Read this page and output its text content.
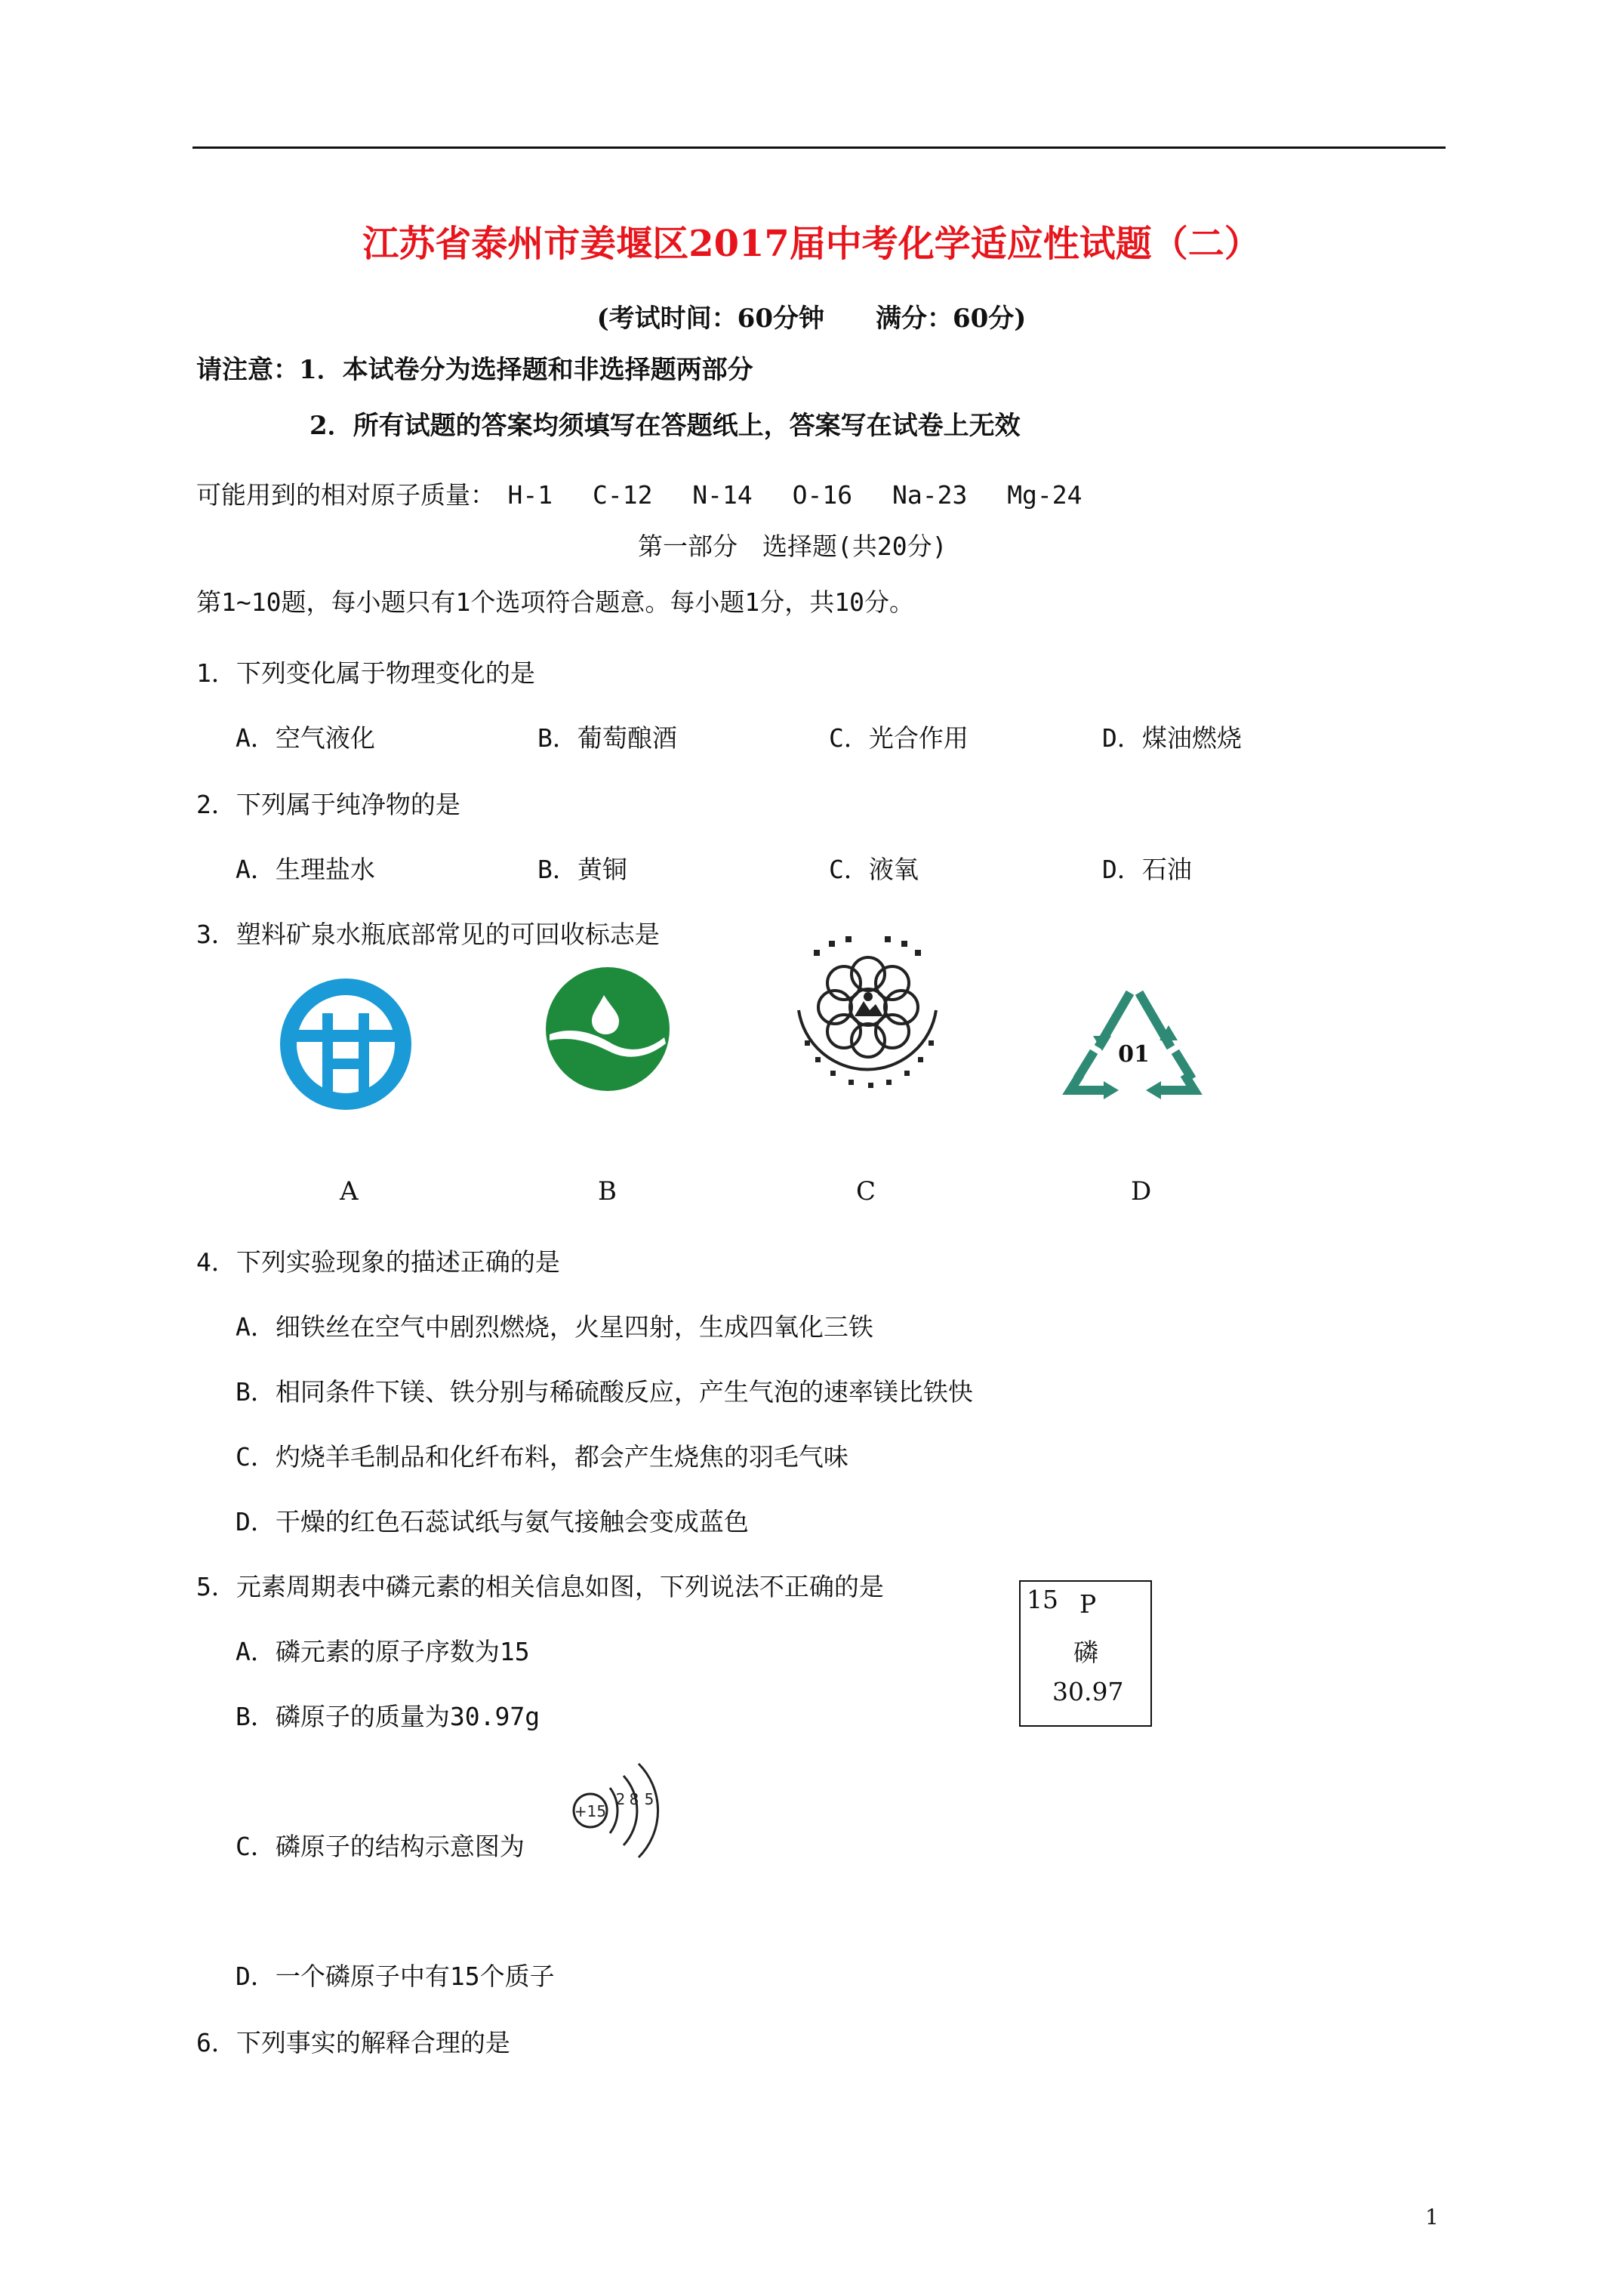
江苏省泰州市姜堰区2017届中考化学适应性试题（二）
(考试时间：60分钟　　满分：60分)
请注意：1．本试卷分为选择题和非选择题两部分
2．所有试题的答案均须填写在答题纸上，答案写在试卷上无效
可能用到的相对原子质量：　H-1　 C-12　 N-14　 O-16　 Na-23　 Mg-24
第一部分　选择题(共20分)
第1~10题，每小题只有1个选项符合题意。每小题1分，共10分。
1．下列变化属于物理变化的是
A．空气液化	B．葡萄酿酒	C．光合作用	D．煤油燃烧
2．下列属于纯净物的是
A．生理盐水	B．黄铜	C．液氧	D．石油
3．塑料矿泉水瓶底部常见的可回收标志是
01
A	B	C	D
4．下列实验现象的描述正确的是
A．细铁丝在空气中剧烈燃烧，火星四射，生成四氧化三铁
B．相同条件下镁、铁分别与稀硫酸反应，产生气泡的速率镁比铁快
C．灼烧羊毛制品和化纤布料，都会产生烧焦的羽毛气味
D．干燥的红色石蕊试纸与氨气接触会变成蓝色
5．元素周期表中磷元素的相关信息如图，下列说法不正确的是
A．磷元素的原子序数为15
B．磷原子的质量为30.97g
C．磷原子的结构示意图为
D．一个磷原子中有15个质子
15 P
磷
30.97
+15
2 8 5
6．下列事实的解释合理的是
1
